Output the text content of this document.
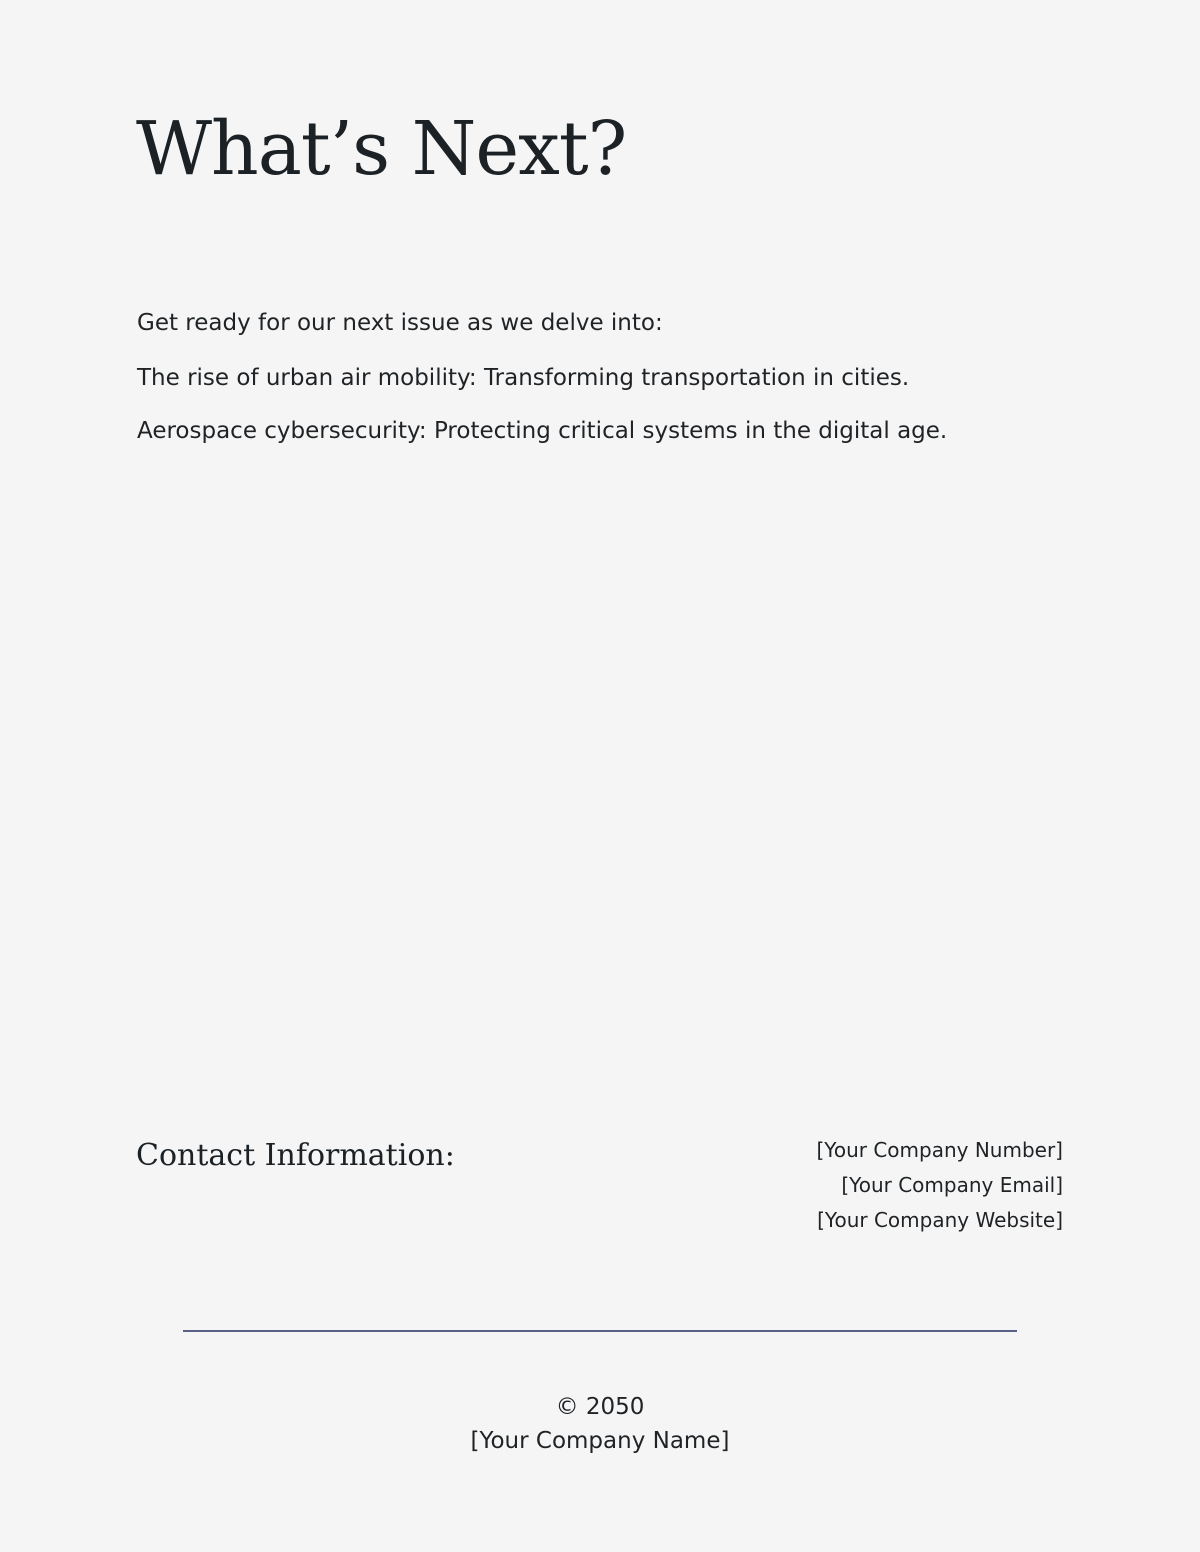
What’s Next?

Get ready for our next issue as we delve into:

The rise of urban air mobility: Transforming transportation in cities.

Aerospace cybersecurity: Protecting critical systems in the digital age.

Contact Information:	[Your Company Number]
[Your Company Email]
[Your Company Website]
© 2050
[Your Company Name]
